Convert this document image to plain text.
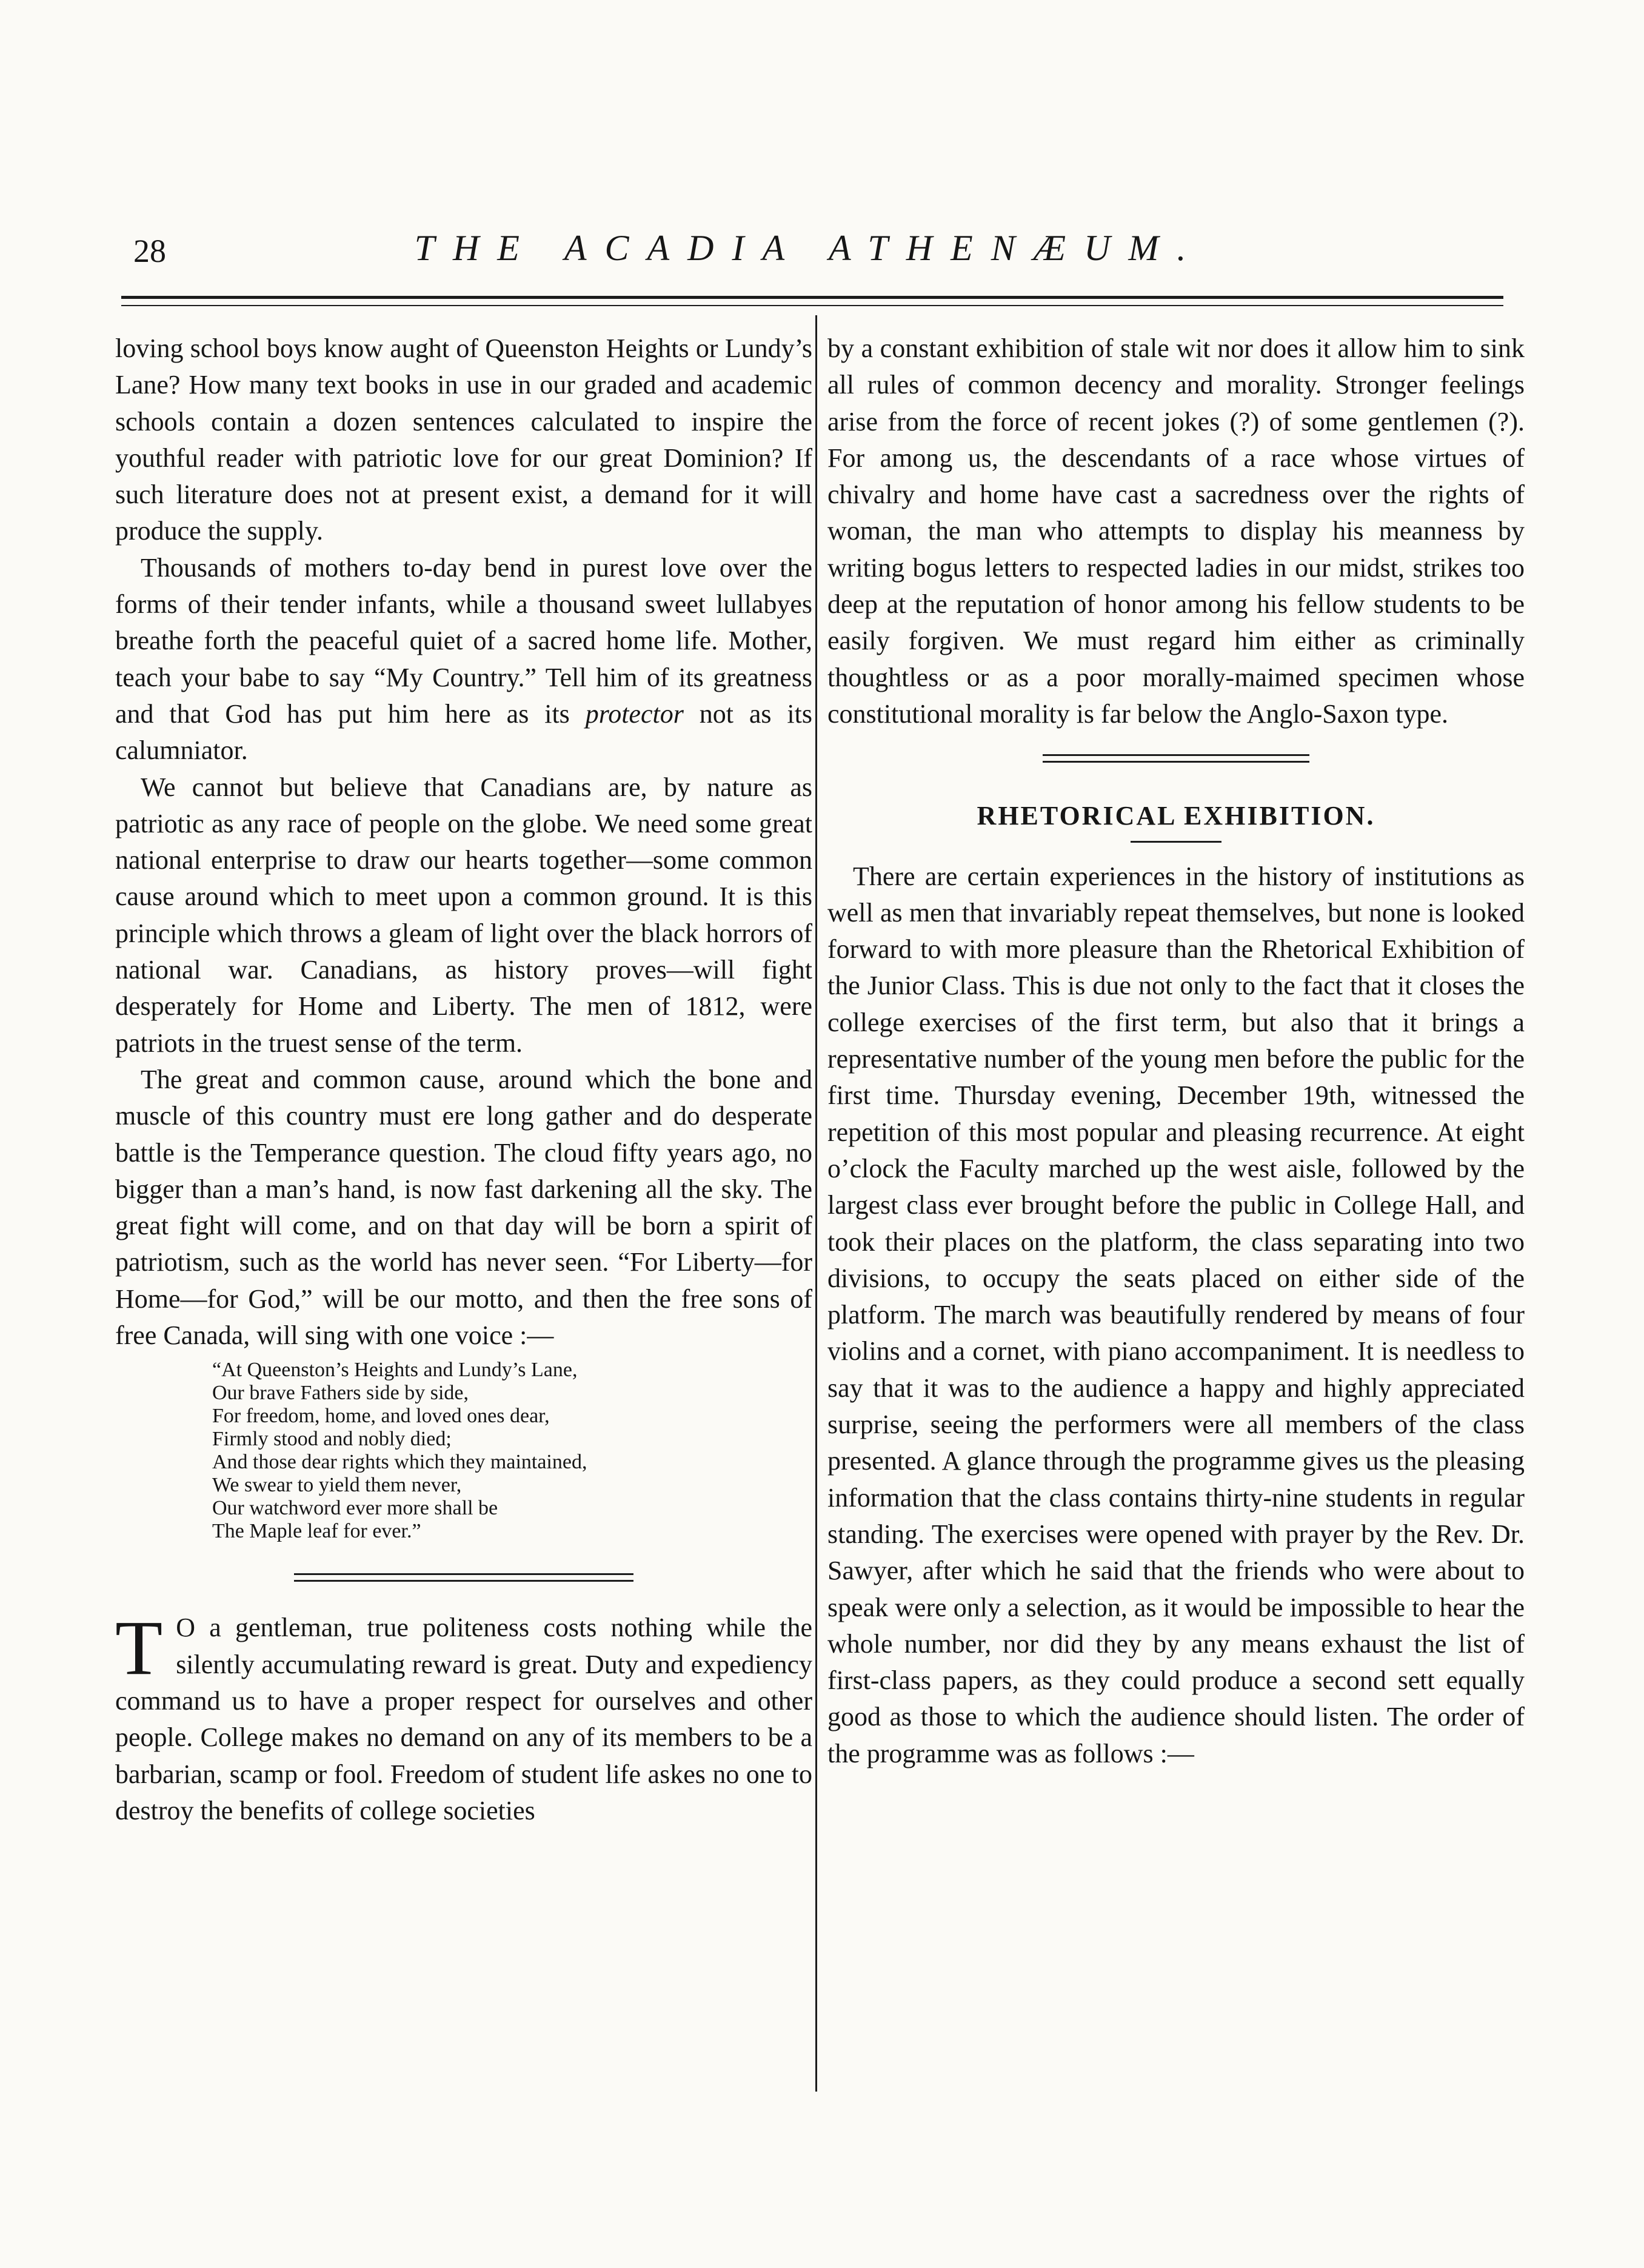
28	THE ACADIA ATHENÆUM.

loving school boys know aught of Queenston Heights or Lundy’s Lane? How many text books in use in our graded and academic schools contain a dozen sentences calculated to inspire the youthful reader with patriotic love for our great Dominion? If such literature does not at present exist, a demand for it will produce the supply.

Thousands of mothers to-day bend in purest love over the forms of their tender infants, while a thousand sweet lullabyes breathe forth the peaceful quiet of a sacred home life. Mother, teach your babe to say “My Country.” Tell him of its greatness and that God has put him here as its protector not as its calumniator.

We cannot but believe that Canadians are, by nature as patriotic as any race of people on the globe. We need some great national enterprise to draw our hearts together—some common cause around which to meet upon a common ground. It is this principle which throws a gleam of light over the black horrors of national war. Canadians, as history proves—will fight desperately for Home and Liberty. The men of 1812, were patriots in the truest sense of the term.

The great and common cause, around which the bone and muscle of this country must ere long gather and do desperate battle is the Temperance question. The cloud fifty years ago, no bigger than a man’s hand, is now fast darkening all the sky. The great fight will come, and on that day will be born a spirit of patriotism, such as the world has never seen. “For Liberty—for Home—for God,” will be our motto, and then the free sons of free Canada, will sing with one voice :—

“At Queenston’s Heights and Lundy’s Lane,
Our brave Fathers side by side,
For freedom, home, and loved ones dear,
Firmly stood and nobly died;
And those dear rights which they maintained,
We swear to yield them never,
Our watchword ever more shall be
The Maple leaf for ever.”

T O a gentleman, true politeness costs nothing while the silently accumulating reward is great. Duty and expediency command us to have a proper respect for ourselves and other people. College makes no demand on any of its members to be a barbarian, scamp or fool. Freedom of student life askes no one to destroy the benefits of college societies

by a constant exhibition of stale wit nor does it allow him to sink all rules of common decency and morality. Stronger feelings arise from the force of recent jokes (?) of some gentlemen (?). For among us, the descendants of a race whose virtues of chivalry and home have cast a sacredness over the rights of woman, the man who attempts to display his meanness by writing bogus letters to respected ladies in our midst, strikes too deep at the reputation of honor among his fellow students to be easily forgiven. We must regard him either as criminally thoughtless or as a poor morally-maimed specimen whose constitutional morality is far below the Anglo-Saxon type.

RHETORICAL EXHIBITION.

There are certain experiences in the history of institutions as well as men that invariably repeat themselves, but none is looked forward to with more pleasure than the Rhetorical Exhibition of the Junior Class. This is due not only to the fact that it closes the college exercises of the first term, but also that it brings a representative number of the young men before the public for the first time. Thursday evening, December 19th, witnessed the repetition of this most popular and pleasing recurrence. At eight o’clock the Faculty marched up the west aisle, followed by the largest class ever brought before the public in College Hall, and took their places on the platform, the class separating into two divisions, to occupy the seats placed on either side of the platform. The march was beautifully rendered by means of four violins and a cornet, with piano accompaniment. It is needless to say that it was to the audience a happy and highly appreciated surprise, seeing the performers were all members of the class presented. A glance through the programme gives us the pleasing information that the class contains thirty-nine students in regular standing. The exercises were opened with prayer by the Rev. Dr. Sawyer, after which he said that the friends who were about to speak were only a selection, as it would be impossible to hear the whole number, nor did they by any means exhaust the list of first-class papers, as they could produce a second sett equally good as those to which the audience should listen. The order of the programme was as follows :—
